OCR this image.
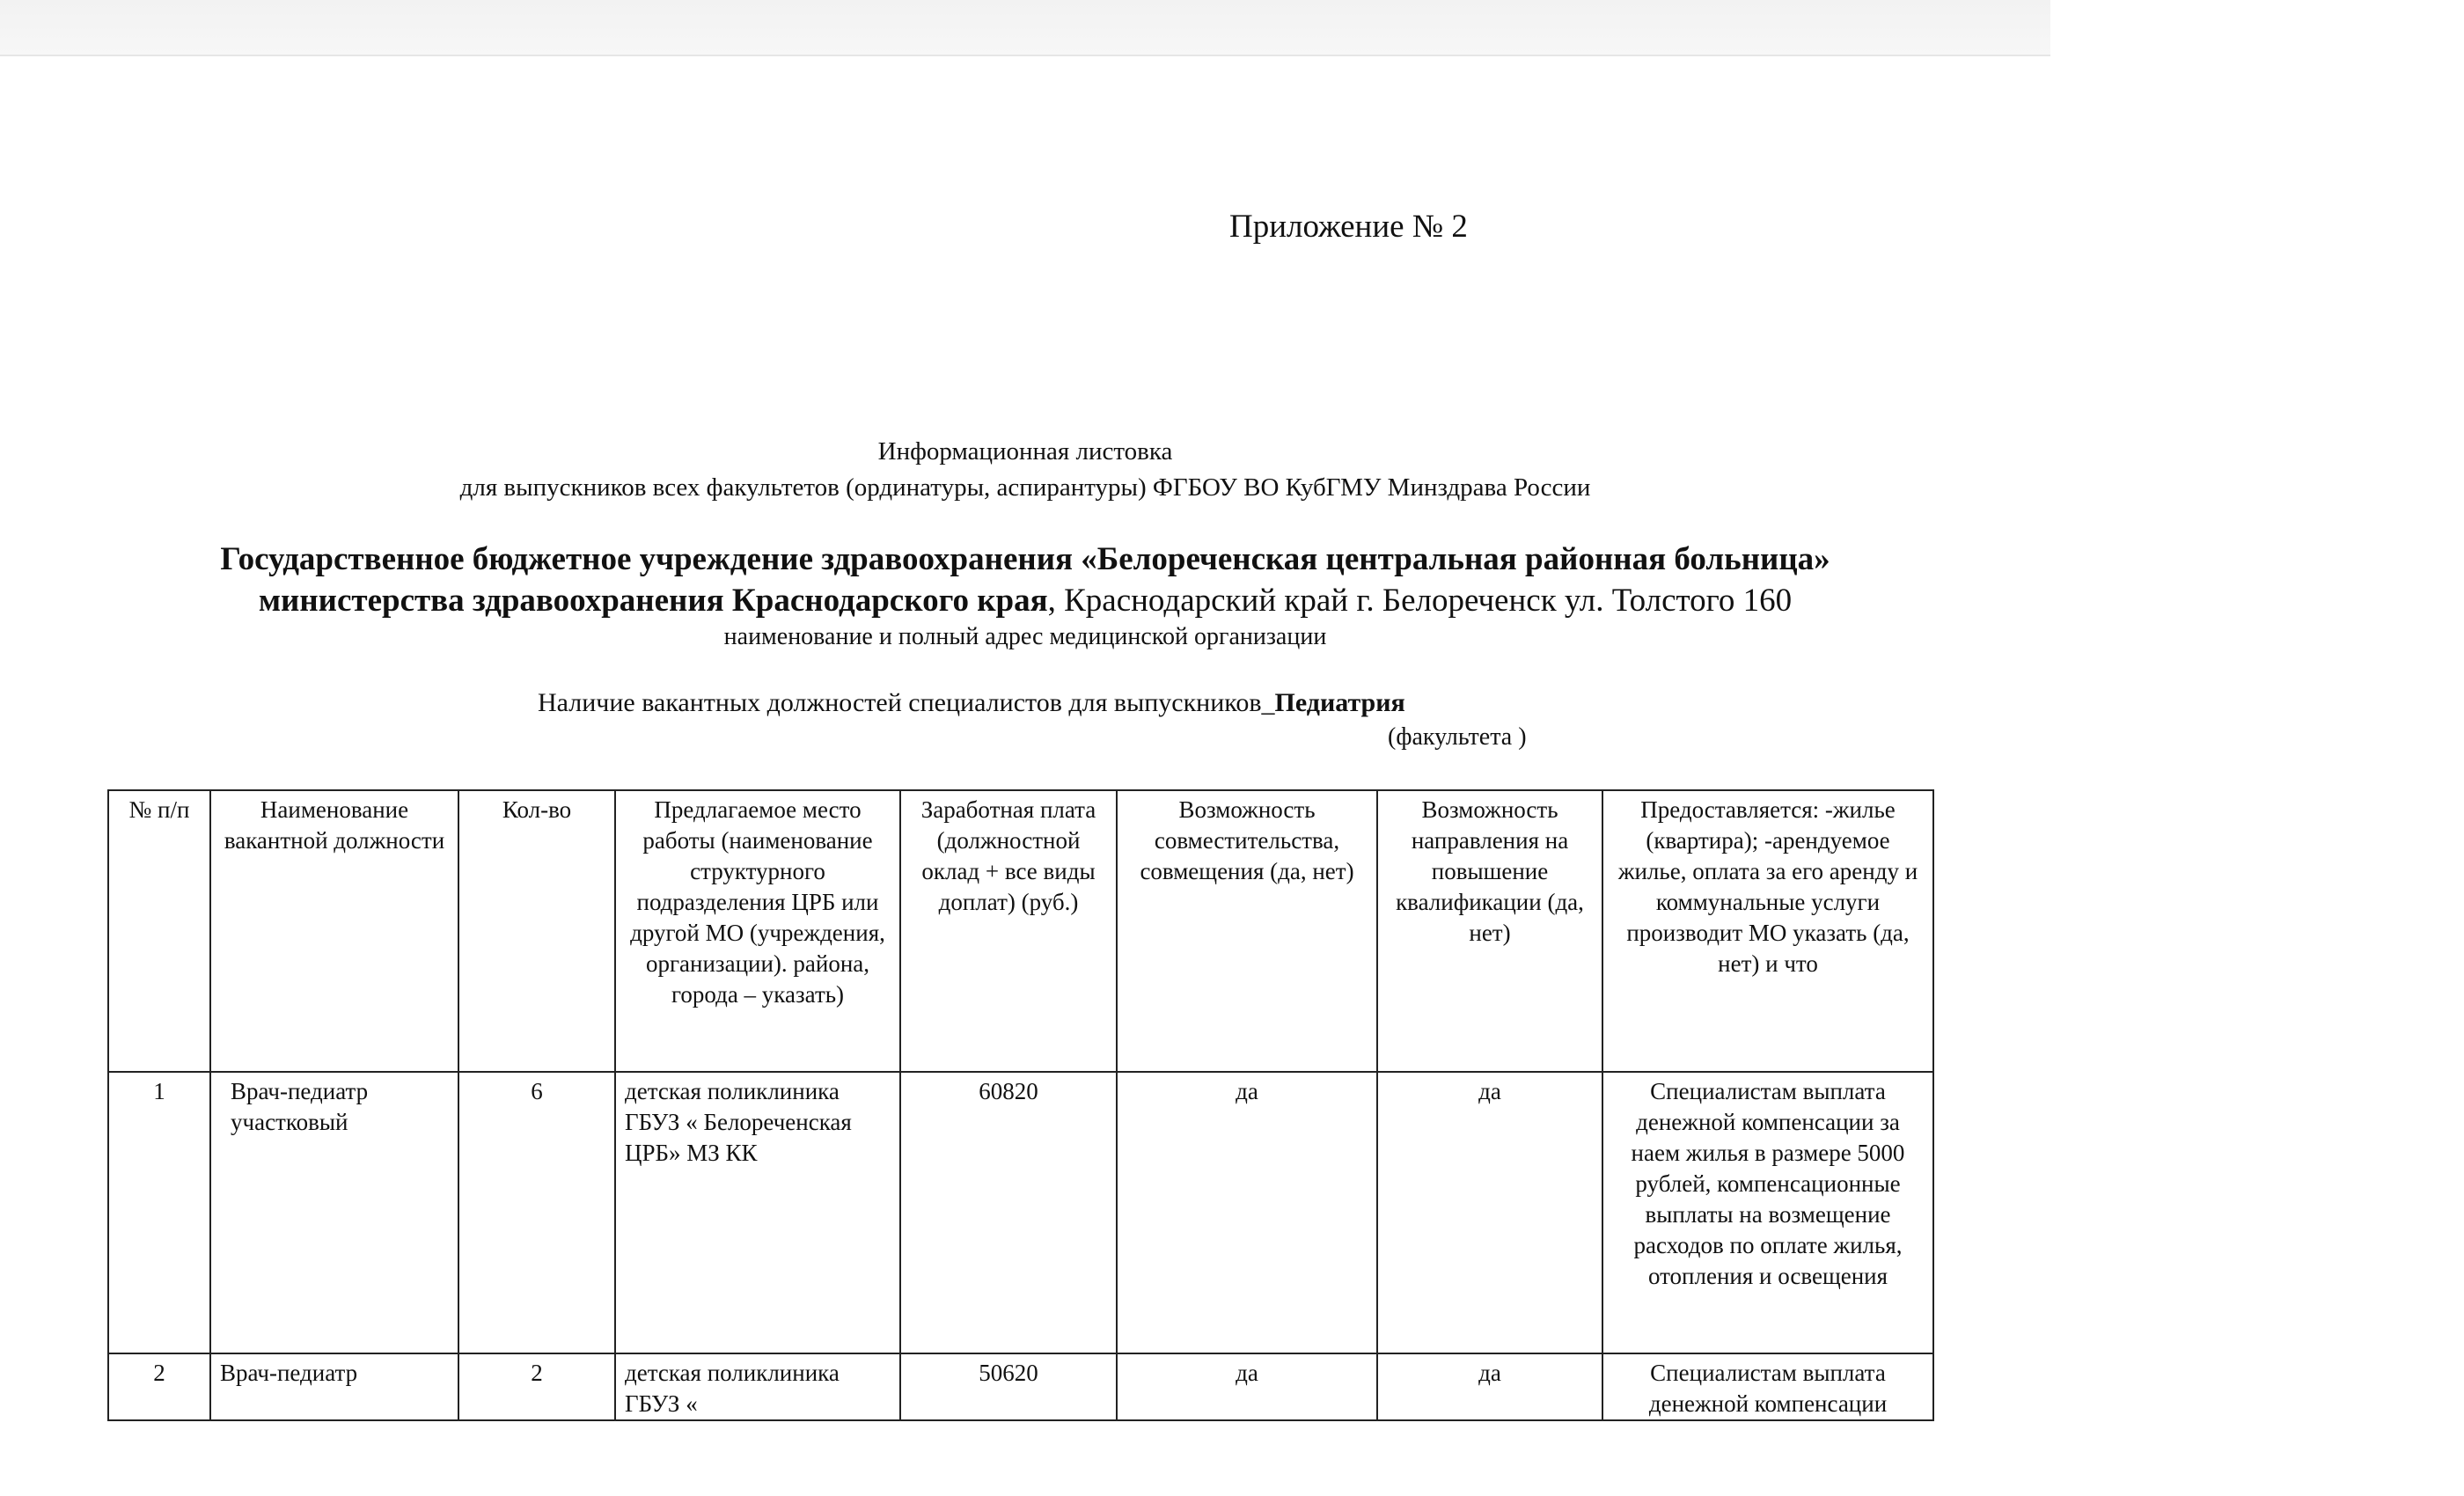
Приложение № 2
Информационная листовка
для выпускников всех факультетов (ординатуры, аспирантуры) ФГБОУ ВО КубГМУ Минздрава России
Государственное бюджетное учреждение здравоохранения «Белореченская центральная районная больница»
министерства здравоохранения Краснодарского края, Краснодарский край г. Белореченск ул. Толстого 160
наименование и полный адрес медицинской организации
Наличие вакантных должностей специалистов для выпускников_Педиатрия
(факультета )
№ п/п	Наименование вакантной должности	Кол-во	Предлагаемое место работы (наименование структурного подразделения ЦРБ или другой МО (учреждения, организации). района, города – указать)	Заработная плата (должностной оклад + все виды доплат) (руб.)	Возможность совместительства, совмещения (да, нет)	Возможность направления на повышение квалификации (да, нет)	Предоставляется: -жилье (квартира); -арендуемое жилье, оплата за его аренду и коммунальные услуги производит МО указать (да, нет) и что
1	Врач-педиатр участковый	6	детская поликлиника ГБУЗ « Белореченская ЦРБ» МЗ КК	60820	да	да	Специалистам выплата денежной компенсации за наем жилья в размере 5000 рублей, компенсационные выплаты на возмещение расходов по оплате жилья, отопления и освещения
2	Врач-педиатр	2	детская поликлиника ГБУЗ «	50620	да	да	Специалистам выплата денежной компенсации
